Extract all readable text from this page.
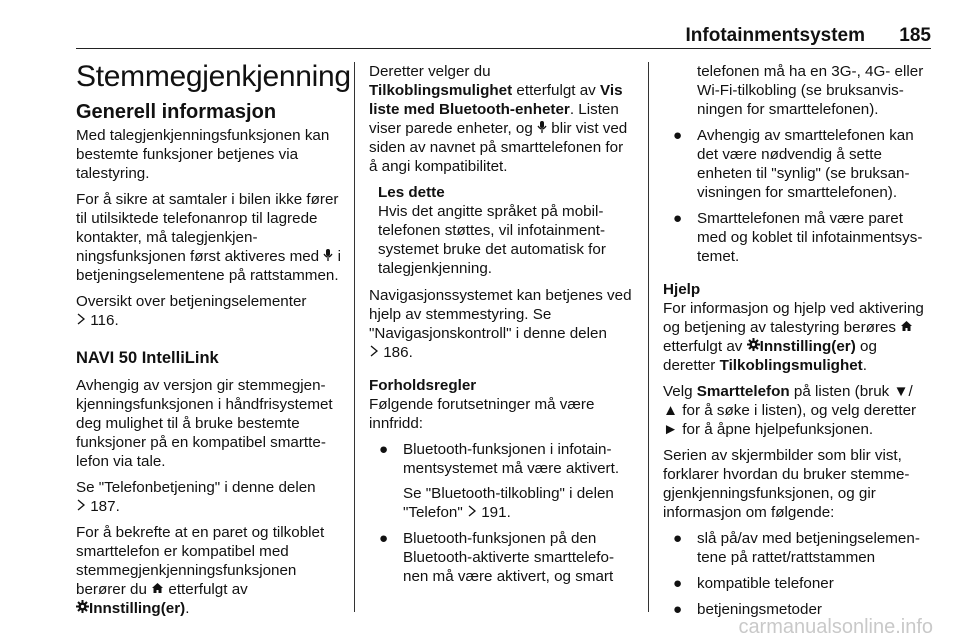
Infotainmentsystem 185
Stemmegjenkjenning
Generell informasjon

Med talegjenkjenningsfunksjonen kan bestemte funksjoner betjenes via talestyring.

For å sikre at samtaler i bilen ikke fører til utilsiktede telefonanrop til lagrede kontakter, må talegjenkjenningsfunksjonen først aktiveres med i betjeningselementene på rattstammen.

Oversikt over betjeningselementer
116.

NAVI 50 IntelliLink

Avhengig av versjon gir stemmegjenkjenningsfunksjonen i håndfrisystemet deg mulighet til å bruke bestemte funksjoner på en kompatibel smarttelefon via tale.

Se "Telefonbetjening" i denne delen
187.

For å bekrefte at en paret og tilkoblet smarttelefon er kompatibel med stemmegjenkjenningsfunksjonen berører du etterfulgt av
Innstilling(er).

Deretter velger du
Tilkoblingsmulighet etterfulgt av Vis liste med Bluetooth-enheter. Listen viser parede enheter, og blir vist ved siden av navnet på smarttelefonen for å angi kompatibilitet.

Les dette
Hvis det angitte språket på mobiltelefonen støttes, vil infotainmentsystemet bruke det automatisk for talegjenkjenning.

Navigasjonssystemet kan betjenes ved hjelp av stemmestyring. Se "Navigasjonskontroll" i denne delen
186.

Forholdsregler

Følgende forutsetninger må være innfridd:

● Bluetooth-funksjonen i infotainmentsystemet må være aktivert.

Se "Bluetooth-tilkobling" i delen "Telefon" 191.

● Bluetooth-funksjonen på den Bluetooth-aktiverte smarttelefonen må være aktivert, og smart
telefonen må ha en 3G-, 4G- eller Wi-Fi-tilkobling (se bruksanvisningen for smarttelefonen).
● Avhengig av smarttelefonen kan det være nødvendig å sette enheten til "synlig" (se bruksanvisningen for smarttelefonen).
● Smarttelefonen må være paret med og koblet til infotainmentsystemet.
Hjelp

For informasjon og hjelp ved aktivering og betjening av talestyring berøres  etterfulgt av Innstilling(er) og deretter Tilkoblingsmulighet.

Velg Smarttelefon på listen (bruk ▼/
▲ for å søke i listen), og velg deretter
► for å åpne hjelpefunksjonen.

Serien av skjermbilder som blir vist, forklarer hvordan du bruker stemmegjenkjenningsfunksjonen, og gir informasjon om følgende:

● slå på/av med betjeningselementene på rattet/rattstammen
● kompatible telefoner
● betjeningsmetoder
carmanualsonline.info
